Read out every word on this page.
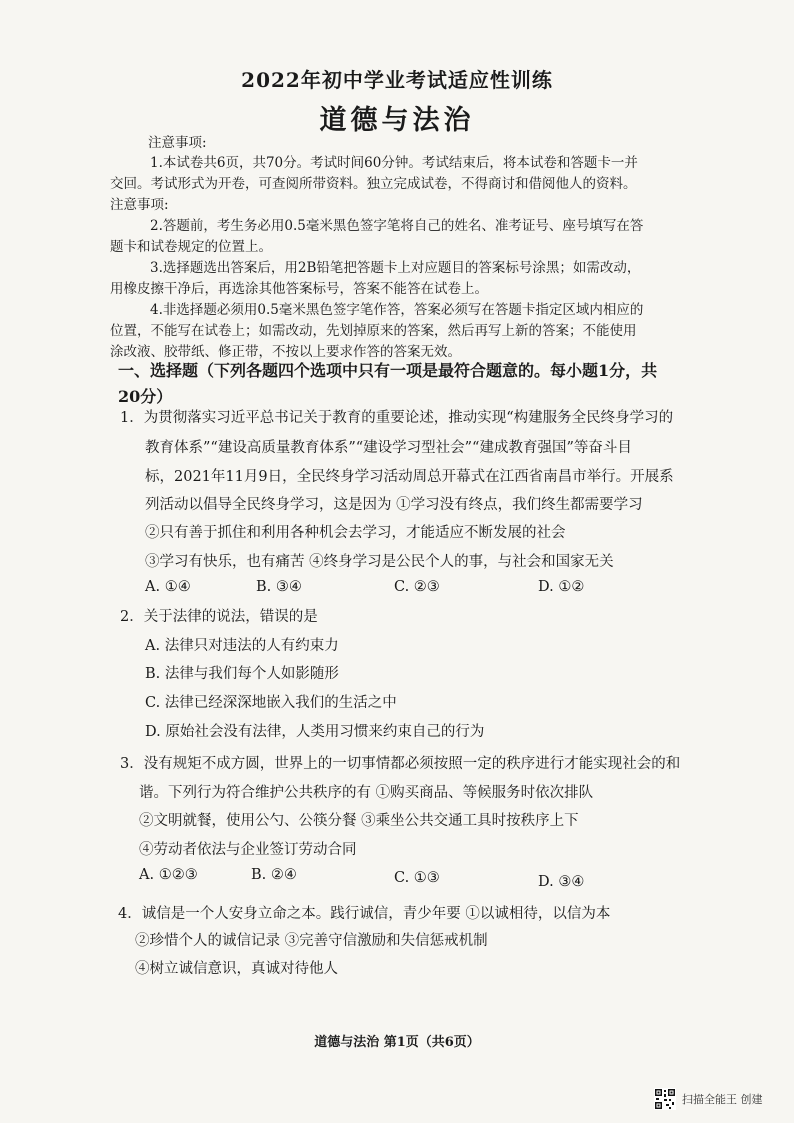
2022年初中学业考试适应性训练
道德与法治
注意事项:
1.本试卷共6页，共70分。考试时间60分钟。考试结束后，将本试卷和答题卡一并
交回。考试形式为开卷，可查阅所带资料。独立完成试卷，不得商讨和借阅他人的资料。
注意事项:
2.答题前，考生务必用0.5毫米黑色签字笔将自己的姓名、准考证号、座号填写在答
题卡和试卷规定的位置上。
3.选择题选出答案后，用2B铅笔把答题卡上对应题目的答案标号涂黑；如需改动，
用橡皮擦干净后，再选涂其他答案标号，答案不能答在试卷上。
4.非选择题必须用0.5毫米黑色签字笔作答，答案必须写在答题卡指定区域内相应的
位置，不能写在试卷上；如需改动，先划掉原来的答案，然后再写上新的答案；不能使用
涂改液、胶带纸、修正带，不按以上要求作答的答案无效。
一、选择题（下列各题四个选项中只有一项是最符合题意的。每小题1分，共
20分）
1．为贯彻落实习近平总书记关于教育的重要论述，推动实现“构建服务全民终身学习的
教育体系”“建设高质量教育体系”“建设学习型社会”“建成教育强国”等奋斗目
标，2021年11月9日，全民终身学习活动周总开幕式在江西省南昌市举行。开展系
列活动以倡导全民终身学习，这是因为 ①学习没有终点，我们终生都需要学习
②只有善于抓住和利用各种机会去学习，才能适应不断发展的社会
③学习有快乐，也有痛苦 ④终身学习是公民个人的事，与社会和国家无关
A. ①④	B. ③④	C. ②③	D. ①②
2．关于法律的说法，错误的是
A. 法律只对违法的人有约束力
B. 法律与我们每个人如影随形
C. 法律已经深深地嵌入我们的生活之中
D. 原始社会没有法律，人类用习惯来约束自己的行为
3．没有规矩不成方圆，世界上的一切事情都必须按照一定的秩序进行才能实现社会的和
谐。下列行为符合维护公共秩序的有 ①购买商品、等候服务时依次排队
②文明就餐，使用公勺、公筷分餐 ③乘坐公共交通工具时按秩序上下
④劳动者依法与企业签订劳动合同
A. ①②③	B. ②④	C. ①③	D. ③④
4．诚信是一个人安身立命之本。践行诚信，青少年要 ①以诚相待，以信为本
②珍惜个人的诚信记录 ③完善守信激励和失信惩戒机制
④树立诚信意识，真诚对待他人
道德与法治 第1页（共6页）
扫描全能王 创建
